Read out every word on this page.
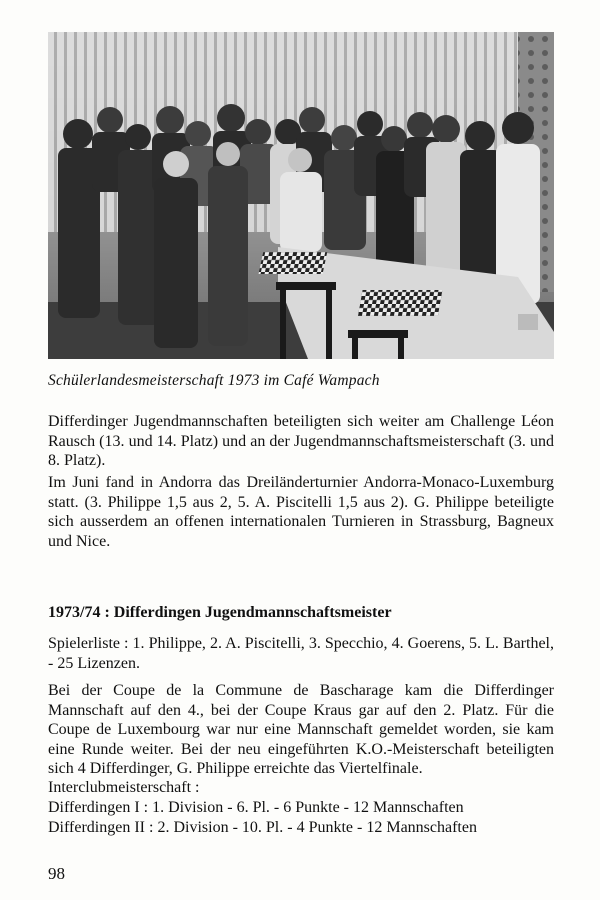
Schülerlandesmeisterschaft 1973 im Café Wampach

Differdinger Jugendmannschaften beteiligten sich weiter am Challenge Léon Rausch (13. und 14. Platz) und an der Jugendmannschaftsmeisterschaft (3. und 8. Platz).

Im Juni fand in Andorra das Dreiländerturnier Andorra-Monaco-Luxemburg statt. (3. Philippe 1,5 aus 2, 5. A. Piscitelli 1,5 aus 2). G. Philippe beteiligte sich ausserdem an offenen internationalen Turnieren in Strassburg, Bagneux und Nice.

1973/74 : Differdingen Jugendmannschaftsmeister

Spielerliste : 1. Philippe, 2. A. Piscitelli, 3. Specchio, 4. Goerens, 5. L. Barthel, - 25 Lizenzen.

Bei der Coupe de la Commune de Bascharage kam die Differdinger Mannschaft auf den 4., bei der Coupe Kraus gar auf den 2. Platz. Für die Coupe de Luxembourg war nur eine Mannschaft gemeldet worden, sie kam eine Runde weiter. Bei der neu eingeführten K.O.-Meisterschaft beteiligten sich 4 Differdinger, G. Philippe erreichte das Viertelfinale.

Interclubmeisterschaft :

Differdingen I : 1. Division - 6. Pl. - 6 Punkte - 12 Mannschaften
Differdingen II : 2. Division - 10. Pl. - 4 Punkte - 12 Mannschaften
98
